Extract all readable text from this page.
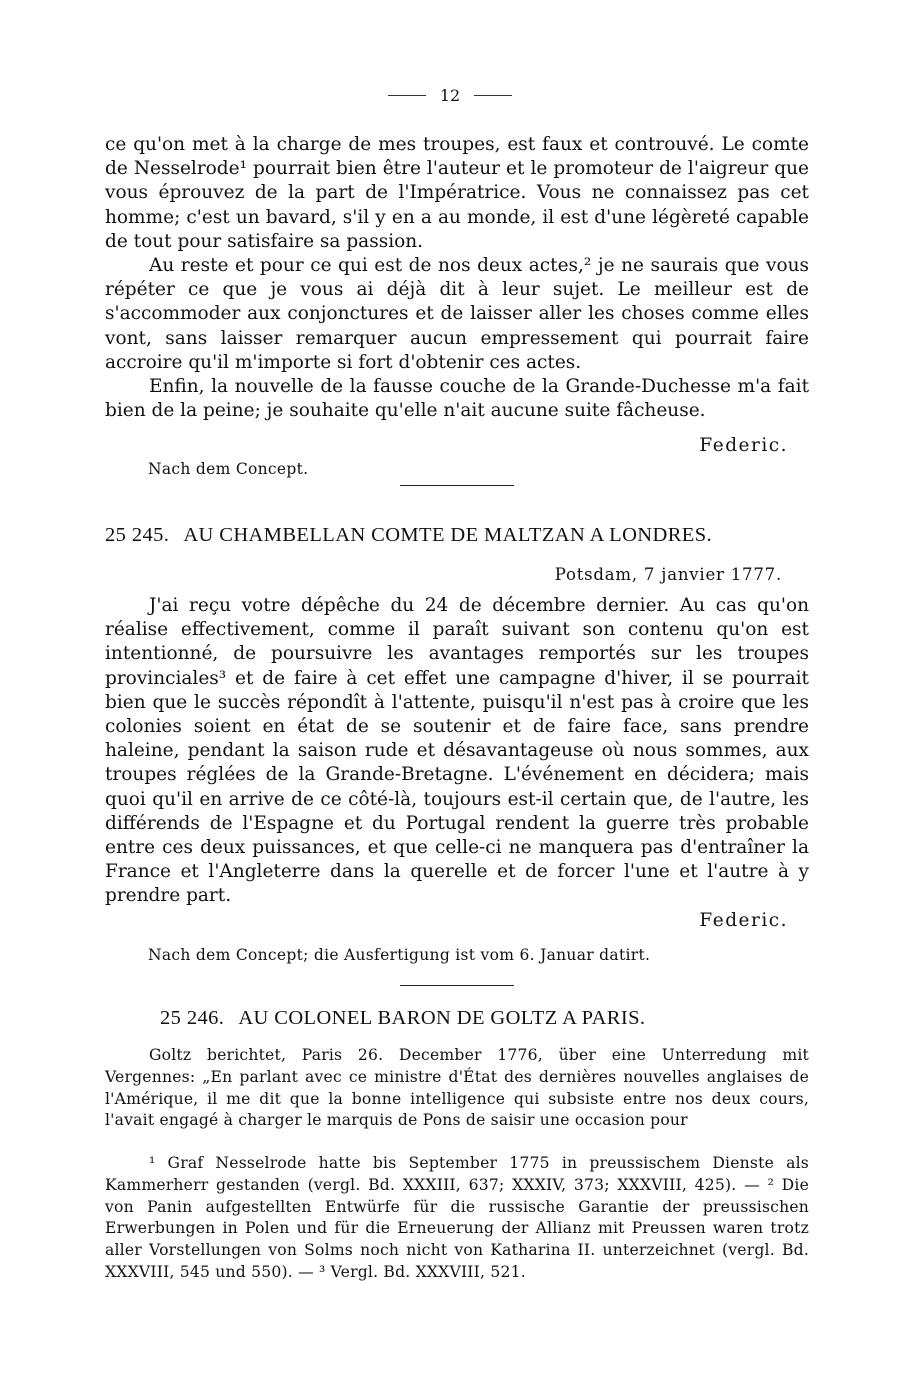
12

ce qu'on met à la charge de mes troupes, est faux et controuvé. Le comte de Nesselrode¹ pourrait bien être l'auteur et le promoteur de l'aigreur que vous éprouvez de la part de l'Impératrice. Vous ne connaissez pas cet homme; c'est un bavard, s'il y en a au monde, il est d'une légèreté capable de tout pour satisfaire sa passion.

Au reste et pour ce qui est de nos deux actes,² je ne saurais que vous répéter ce que je vous ai déjà dit à leur sujet. Le meilleur est de s'accommoder aux conjonctures et de laisser aller les choses comme elles vont, sans laisser remarquer aucun empressement qui pourrait faire accroire qu'il m'importe si fort d'obtenir ces actes.

Enfin, la nouvelle de la fausse couche de la Grande-Duchesse m'a fait bien de la peine; je souhaite qu'elle n'ait aucune suite fâcheuse.

Federic.
Nach dem Concept.
25 245. AU CHAMBELLAN COMTE DE MALTZAN A LONDRES.
Potsdam, 7 janvier 1777.

J'ai reçu votre dépêche du 24 de décembre dernier. Au cas qu'on réalise effectivement, comme il paraît suivant son contenu qu'on est intentionné, de poursuivre les avantages remportés sur les troupes provinciales³ et de faire à cet effet une campagne d'hiver, il se pourrait bien que le succès répondît à l'attente, puisqu'il n'est pas à croire que les colonies soient en état de se soutenir et de faire face, sans prendre haleine, pendant la saison rude et désavantageuse où nous sommes, aux troupes réglées de la Grande-Bretagne. L'événement en décidera; mais quoi qu'il en arrive de ce côté-là, toujours est-il certain que, de l'autre, les différends de l'Espagne et du Portugal rendent la guerre très probable entre ces deux puissances, et que celle-ci ne manquera pas d'entraîner la France et l'Angleterre dans la querelle et de forcer l'une et l'autre à y prendre part.

Federic.
Nach dem Concept; die Ausfertigung ist vom 6. Januar datirt.
25 246. AU COLONEL BARON DE GOLTZ A PARIS.

Goltz berichtet, Paris 26. December 1776, über eine Unterredung mit Vergennes: „En parlant avec ce ministre d'État des dernières nouvelles anglaises de l'Amérique, il me dit que la bonne intelligence qui subsiste entre nos deux cours, l'avait engagé à charger le marquis de Pons de saisir une occasion pour

¹ Graf Nesselrode hatte bis September 1775 in preussischem Dienste als Kammerherr gestanden (vergl. Bd. XXXIII, 637; XXXIV, 373; XXXVIII, 425). — ² Die von Panin aufgestellten Entwürfe für die russische Garantie der preussischen Erwerbungen in Polen und für die Erneuerung der Allianz mit Preussen waren trotz aller Vorstellungen von Solms noch nicht von Katharina II. unterzeichnet (vergl. Bd. XXXVIII, 545 und 550). — ³ Vergl. Bd. XXXVIII, 521.
